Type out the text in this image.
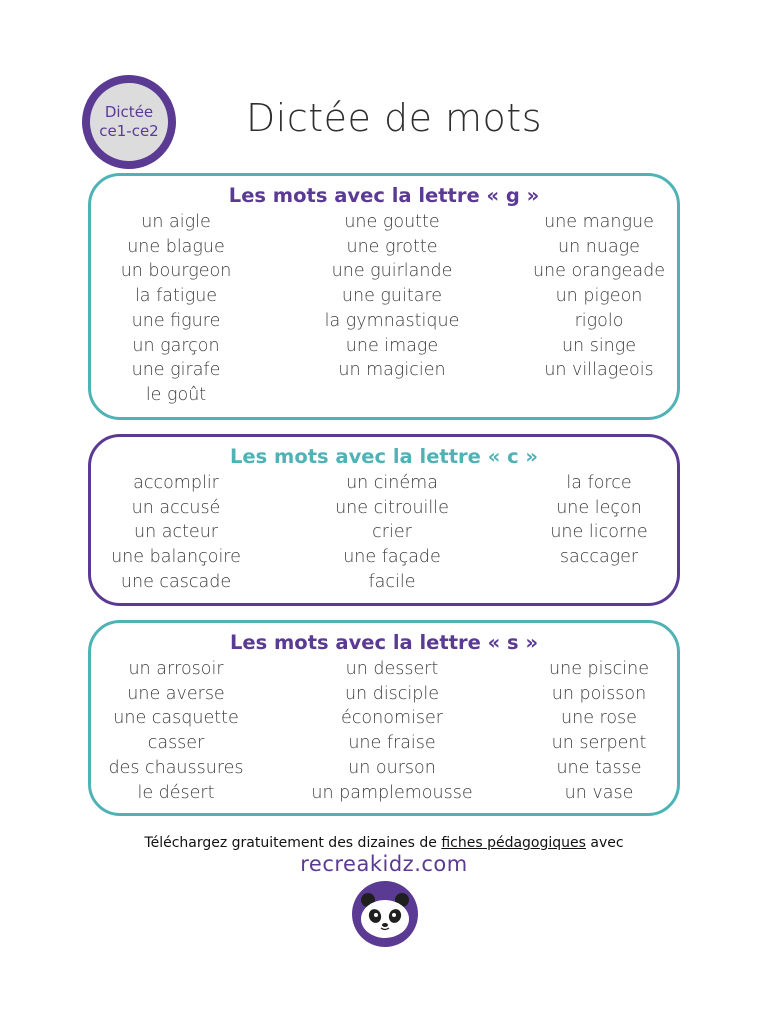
Dictée
ce1-ce2	Dictée de mots
Les mots avec la lettre « g »
un aigle
une blague
un bourgeon
la fatigue
une figure
un garçon
une girafe
le goût
une goutte
une grotte
une guirlande
une guitare
la gymnastique
une image
un magicien
une mangue
un nuage
une orangeade
un pigeon
rigolo
un singe
un villageois
Les mots avec la lettre « c »
accomplir
un accusé
un acteur
une balançoire
une cascade
un cinéma
une citrouille
crier
une façade
facile
la force
une leçon
une licorne
saccager
Les mots avec la lettre « s »
un arrosoir
une averse
une casquette
casser
des chaussures
le désert
un dessert
un disciple
économiser
une fraise
un ourson
un pamplemousse
une piscine
un poisson
une rose
un serpent
une tasse
un vase
Téléchargez gratuitement des dizaines de fiches pédagogiques avec
recreakidz.com
